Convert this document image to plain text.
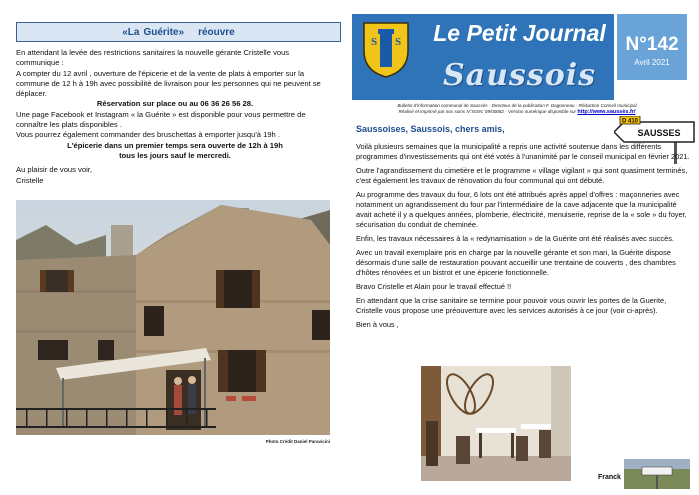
«La Guérite» réouvre

En attendant la levée des restrictions sanitaires la nouvelle gérante Cristelle vous communique :

A compter du 12 avril , ouverture de l'épicerie et de la vente de plats à emporter sur la commune de 12 h à 19h avec possibilité de livraison pour les personnes qui ne peuvent se déplacer.

Réservation sur place ou au 06 36 26 56 28.

Une page Facebook et Instagram « la Guérite » est disponible pour vous permettre de connaître les plats disponibles .

Vous pourrez également commander des bruschettas à emporter jusqu'à 19h .

L'épicerie dans un premier temps sera ouverte de 12h à 19h

tous les jours sauf le mercredi.

Au plaisir de vous voir,

Cristelle

Photo Crédit Daniel Paravicini
S S Le Petit Journal
Saussois
N°142
Avril 2021
Bulletin d'information communal de Saussès - Directeur de la publication F. Dagonneau - Rédaction Conseil municipal
Réalisé et imprimé par nos soins N°ISSN: 09/00082 - Version numérique disponible sur http://www.saussès.fr/
Saussoises, Saussois, chers amis,
D 410
SAUSSES

Voilà plusieurs semaines que la municipalité a repris une activité soutenue dans les différents programmes d'investissements qui ont été votés à l'unanimité par le conseil municipal en février 2021.

Outre l'agrandissement du cimetière et le programme « village vigilant » qui sont quasiment terminés, c'est également les travaux de rénovation du four communal qui ont débuté.

Au programme des travaux du four, 6 lots ont été attribués après appel d'offres : maçonneries avec notamment un agrandissement du four par l'intermédiaire de la cave adjacente que la municipalité avait acheté il y a quelques années, plomberie, électricité, menuiserie, reprise de la « sole » du foyer, sécurisation du conduit de cheminée.

Enfin, les travaux nécessaires à la « redynamisation » de la Guérite ont été réalisés avec succès.

Avec un travail exemplaire pris en charge par la nouvelle gérante et son mari, la Guérite dispose désormais d'une salle de restauration pouvant accueillir une trentaine de couverts , des chambres d'hôtes rénovées et un bistrot et une épicerie fonctionnelle.

Bravo Cristelle et Alain pour le travail effectué !!

En attendant que la crise sanitaire se termine pour pouvoir vous ouvrir les portes de la Guerite, Cristelle vous propose une préouverture avec les services autorisés à ce jour (voir ci-après).

Bien à vous ,

Franck
